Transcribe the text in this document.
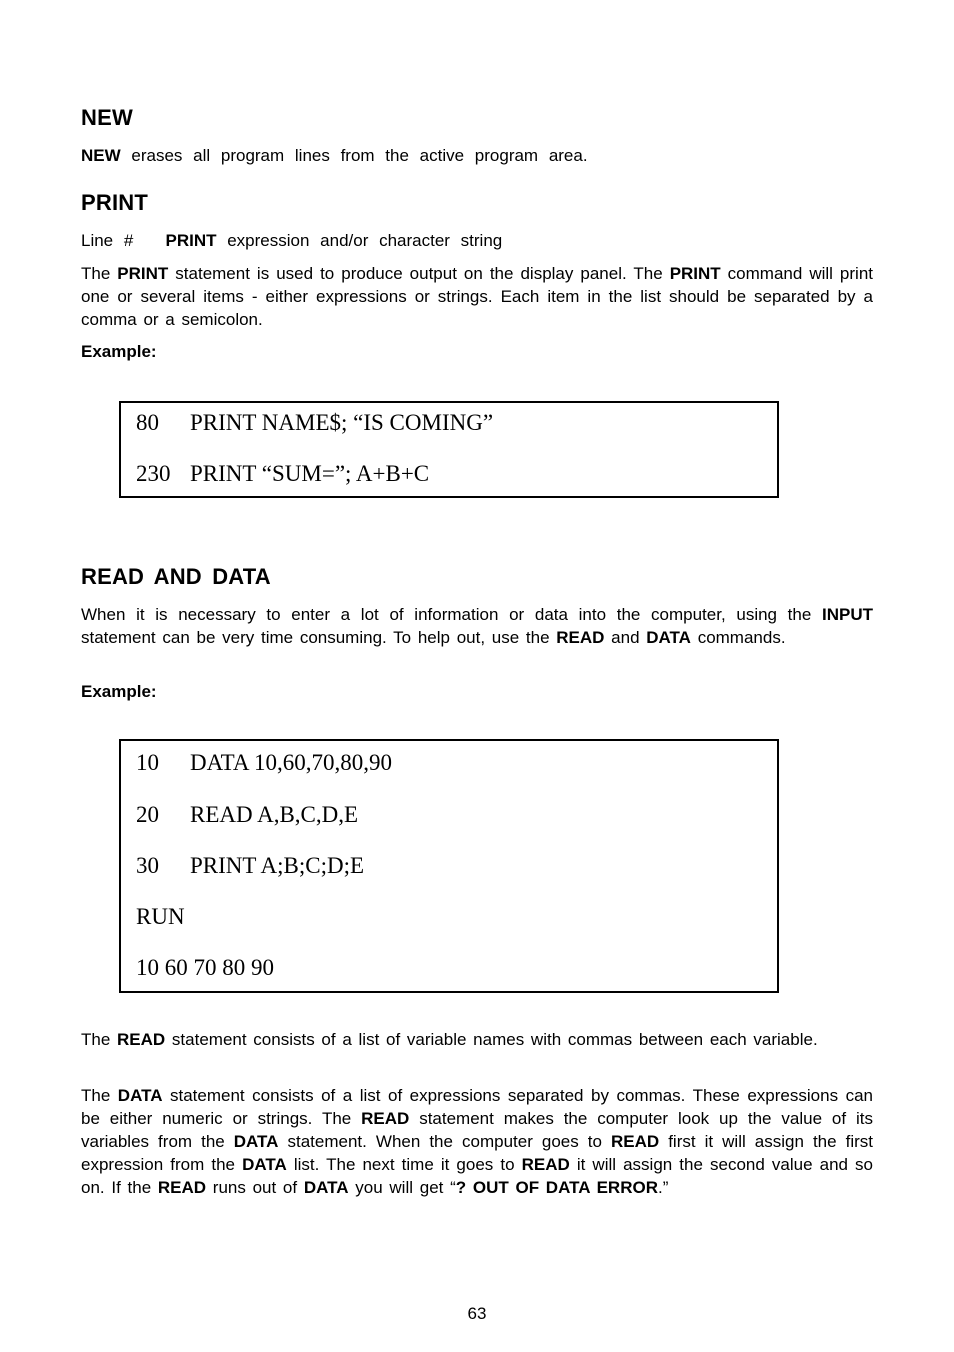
NEW

NEW erases all program lines from the active program area.

PRINT

Line # PRINT expression and/or character string

The PRINT statement is used to produce output on the display panel. The PRINT command will print one or several items - either expressions or strings. Each item in the list should be separated by a comma or a semicolon.

Example:

80 PRINT NAME$; “IS COMING”
230 PRINT “SUM=”; A+B+C
READ AND DATA

When it is necessary to enter a lot of information or data into the computer, using the INPUT statement can be very time consuming. To help out, use the READ and DATA commands.

Example:

10 DATA 10,60,70,80,90
20 READ A,B,C,D,E
30 PRINT A;B;C;D;E
RUN
10 60 70 80 90

The READ statement consists of a list of variable names with commas between each variable.

The DATA statement consists of a list of expressions separated by commas. These expressions can be either numeric or strings. The READ statement makes the computer look up the value of its variables from the DATA statement. When the computer goes to READ first it will assign the first expression from the DATA list. The next time it goes to READ it will assign the second value and so on. If the READ runs out of DATA you will get “? OUT OF DATA ERROR.”

63
